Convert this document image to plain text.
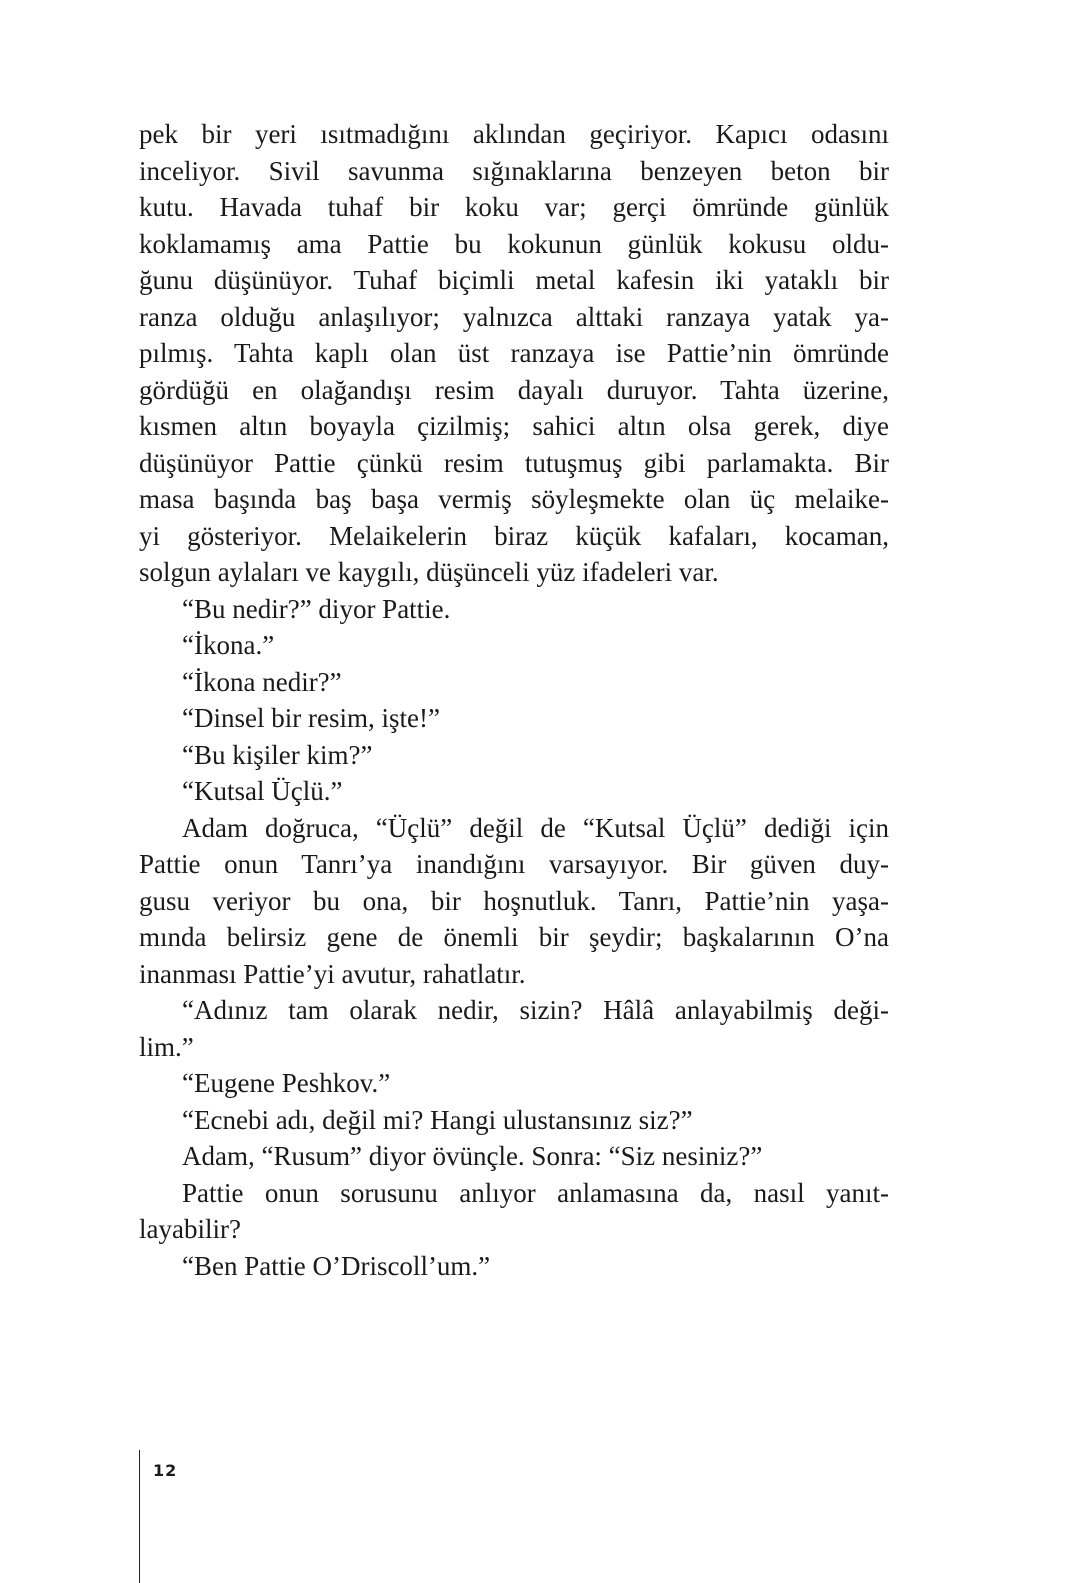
pek bir yeri ısıtmadığını aklından geçiriyor. Kapıcı odasını
inceliyor. Sivil savunma sığınaklarına benzeyen beton bir
kutu. Havada tuhaf bir koku var; gerçi ömründe günlük
koklamamış ama Pattie bu kokunun günlük kokusu oldu-
ğunu düşünüyor. Tuhaf biçimli metal kafesin iki yataklı bir
ranza olduğu anlaşılıyor; yalnızca alttaki ranzaya yatak ya-
pılmış. Tahta kaplı olan üst ranzaya ise Pattie’nin ömründe
gördüğü en olağandışı resim dayalı duruyor. Tahta üzerine,
kısmen altın boyayla çizilmiş; sahici altın olsa gerek, diye
düşünüyor Pattie çünkü resim tutuşmuş gibi parlamakta. Bir
masa başında baş başa vermiş söyleşmekte olan üç melaike-
yi gösteriyor. Melaikelerin biraz küçük kafaları, kocaman,
solgun aylaları ve kaygılı, düşünceli yüz ifadeleri var.
“Bu nedir?” diyor Pattie.
“İkona.”
“İkona nedir?”
“Dinsel bir resim, işte!”
“Bu kişiler kim?”
“Kutsal Üçlü.”
Adam doğruca, “Üçlü” değil de “Kutsal Üçlü” dediği için
Pattie onun Tanrı’ya inandığını varsayıyor. Bir güven duy-
gusu veriyor bu ona, bir hoşnutluk. Tanrı, Pattie’nin yaşa-
mında belirsiz gene de önemli bir şeydir; başkalarının O’na
inanması Pattie’yi avutur, rahatlatır.
“Adınız tam olarak nedir, sizin? Hâlâ anlayabilmiş deği-
lim.”
“Eugene Peshkov.”
“Ecnebi adı, değil mi? Hangi ulustansınız siz?”
Adam, “Rusum” diyor övünçle. Sonra: “Siz nesiniz?”
Pattie onun sorusunu anlıyor anlamasına da, nasıl yanıt-
layabilir?
“Ben Pattie O’Driscoll’um.”
12
